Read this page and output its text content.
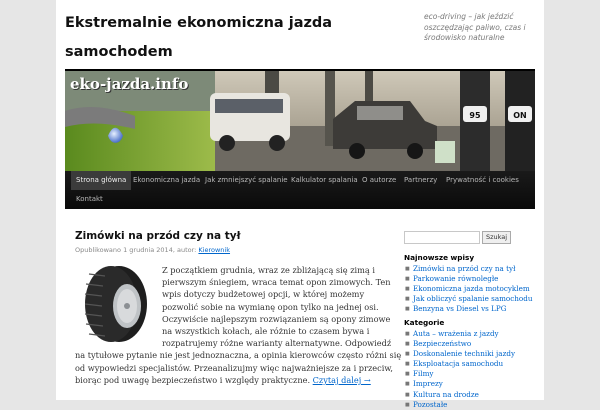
Ekstremalnie ekonomiczna jazda samochodem
eco-driving – jak jeździć oszczędzając paliwo, czas i środowisko naturalne
95	ON
eko-jazda.info
Strona główna Ekonomiczna jazda Jak zmniejszyć spalanie Kalkulator spalania O autorze	Partnerzy	Prywatność i cookies
Kontakt
Zimówki na przód czy na tył
Opublikowano 1 grudnia 2014, autor: Kierownik
Z początkiem grudnia, wraz ze zbliżającą się zimą i
pierwszym śniegiem, wraca temat opon zimowych. Ten
wpis dotyczy budżetowej opcji, w której możemy
pozwolić sobie na wymianę opon tylko na jednej osi.
Oczywiście najlepszym rozwiązaniem są opony zimowe
na wszystkich kołach, ale różnie to czasem bywa i
rozpatrujemy różne warianty alternatywne. Odpowiedź
na tytułowe pytanie nie jest jednoznaczna, a opinia kierowców często różni się
od wypowiedzi specjalistów. Przeanalizujmy więc najważniejsze za i przeciw,
biorąc pod uwagę bezpieczeństwo i względy praktyczne. Czytaj dalej →
Szukaj
Najnowsze wpisy
■ Zimówki na przód czy na tył
■ Parkowanie równoległe
■ Ekonomiczna jazda motocyklem
■ Jak obliczyć spalanie samochodu
■ Benzyna vs Diesel vs LPG
Kategorie
■ Auta – wrażenia z jazdy
■ Bezpieczeństwo
■ Doskonalenie techniki jazdy
■ Eksploatacja samochodu
■ Filmy
■ Imprezy
■ Kultura na drodze
■ Pozostałe
